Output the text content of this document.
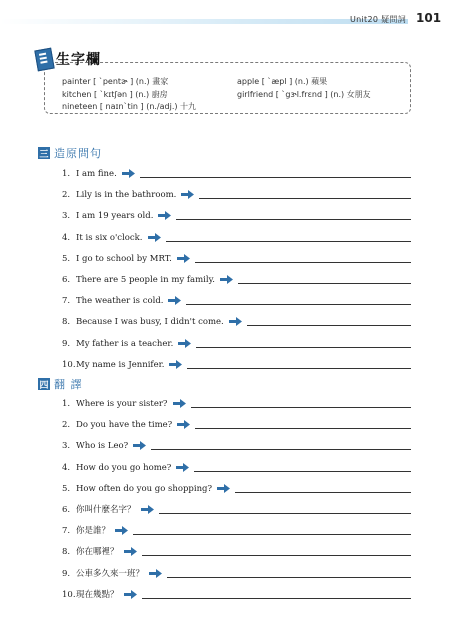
Unit20 疑問詞 101
生字欄
painter [ ˋpentɚ ] (n.) 畫家	apple [ ˋæpl ] (n.) 蘋果
kitchen [ ˋkɪtʃən ] (n.) 廚房	girlfriend [ ˋgɝl.frɛnd ] (n.) 女朋友
nineteen [ naɪnˋtin ] (n./adj.) 十九
三 造原問句
1. I am fine.
2. Lily is in the bathroom.
3. I am 19 years old.
4. It is six o'clock.
5. I go to school by MRT.
6. There are 5 people in my family.
7. The weather is cold.
8. Because I was busy, I didn't come.
9. My father is a teacher.
10. My name is Jennifer.
四 翻 譯
1. Where is your sister?
2. Do you have the time?
3. Who is Leo?
4. How do you go home?
5. How often do you go shopping?
6. 你叫什麼名字？
7. 你是誰？
8. 你在哪裡？
9. 公車多久來一班？
10. 現在幾點？
